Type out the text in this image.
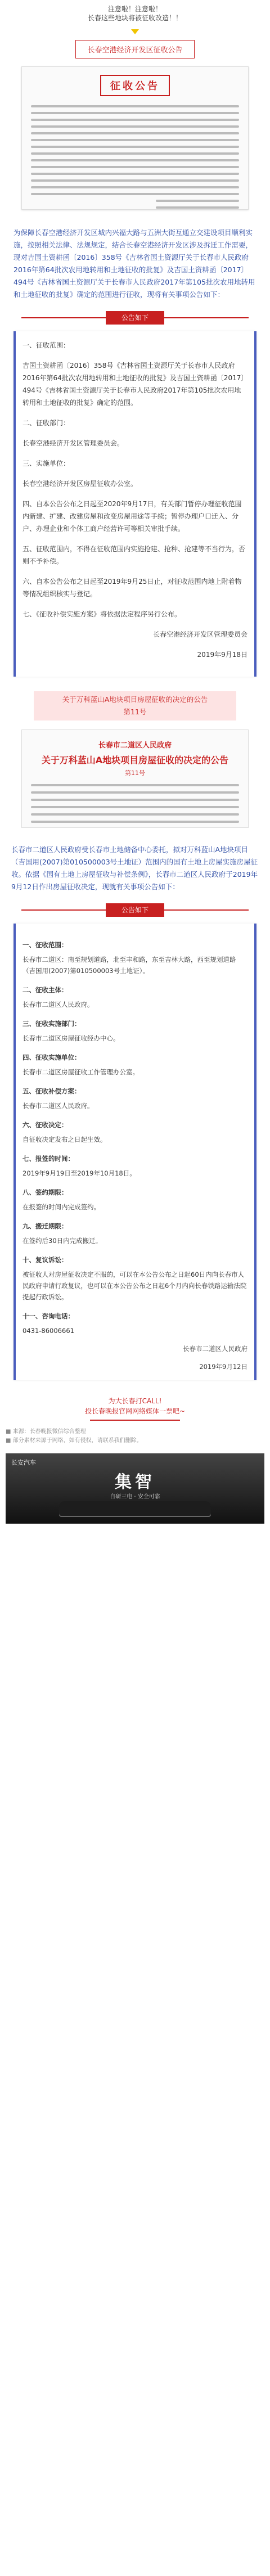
注意啦！注意啦！
长春这些地块将被征收改造！！
长春空港经济开发区征收公告
征收公告
为保障长春空港经济开发区城内兴福大路与五洲大街互通立交建设项目顺利实施，按照相关法律、法规规定，结合长春空港经济开发区涉及拆迁工作需要，现对吉国土资耕函〔2016〕358号《吉林省国土资源厅关于长春市人民政府2016年第64批次农用地转用和土地征收的批复》及吉国土资耕函〔2017〕494号《吉林省国土资源厅关于长春市人民政府2017年第105批次农用地转用和土地征收的批复》确定的范围进行征收，现将有关事项公告如下：
公告如下

一、征收范围：

吉国土资耕函〔2016〕358号《吉林省国土资源厅关于长春市人民政府2016年第64批次农用地转用和土地征收的批复》及吉国土资耕函〔2017〕494号《吉林省国土资源厅关于长春市人民政府2017年第105批次农用地转用和土地征收的批复》确定的范围。

二、征收部门：

长春空港经济开发区管理委员会。

三、实施单位：

长春空港经济开发区房屋征收办公室。

四、自本公告公布之日起至2020年9月17日，有关部门暂停办理征收范围内新建、扩建、改建房屋和改变房屋用途等手续；暂停办理户口迁入、分户、办理企业和个体工商户经营许可等相关审批手续。

五、征收范围内，不得在征收范围内实施抢建、抢种、抢建等不当行为，否则不予补偿。

六、自本公告公布之日起至2019年9月25日止，对征收范围内地上附着物等情况组织核实与登记。

七、《征收补偿实施方案》将依据法定程序另行公布。

长春空港经济开发区管理委员会

2019年9月18日

关于万科蓝山A地块项目房屋征收的决定的公告
第11号
长春市二道区人民政府
关于万科蓝山A地块项目房屋征收的决定的公告
第11号
长春市二道区人民政府受长春市土地储备中心委托，拟对万科蓝山A地块项目（吉国用(2007)第010500003号土地证）范围内的国有土地上房屋实施房屋征收。依据《国有土地上房屋征收与补偿条例》，长春市二道区人民政府于2019年9月12日作出房屋征收决定，现就有关事项公告如下：
公告如下
一、征收范围：
长春市二道区：南至规划道路，北至丰和路，东至吉林大路，西至规划道路（吉国用(2007)第010500003号土地证）。
二、征收主体：
长春市二道区人民政府。
三、征收实施部门：
长春市二道区房屋征收经办中心。
四、征收实施单位：
长春市二道区房屋征收工作管理办公室。
五、征收补偿方案：
长春市二道区人民政府。
六、征收决定：
自征收决定发布之日起生效。
七、报签的时间：
2019年9月19日至2019年10月18日。
八、签约期限：
在报签的时间内完成签约。
九、搬迁期限：
在签约后30日内完成搬迁。
十、复议诉讼：
被征收人对房屋征收决定不服的，可以在本公告公布之日起60日内向长春市人民政府申请行政复议，也可以在本公告公布之日起6个月内向长春铁路运输法院提起行政诉讼。
十一、咨询电话：
0431-86006661
长春市二道区人民政府
2019年9月12日
为大长春打CALL!
投长春晚报官网网络媒体一票吧~
■ 来源：长春晚报微信综合整理
■ 部分素材来源于网络，如有侵权，请联系我们删除。
长安汽车
集智
自研三电 · 安全可靠
